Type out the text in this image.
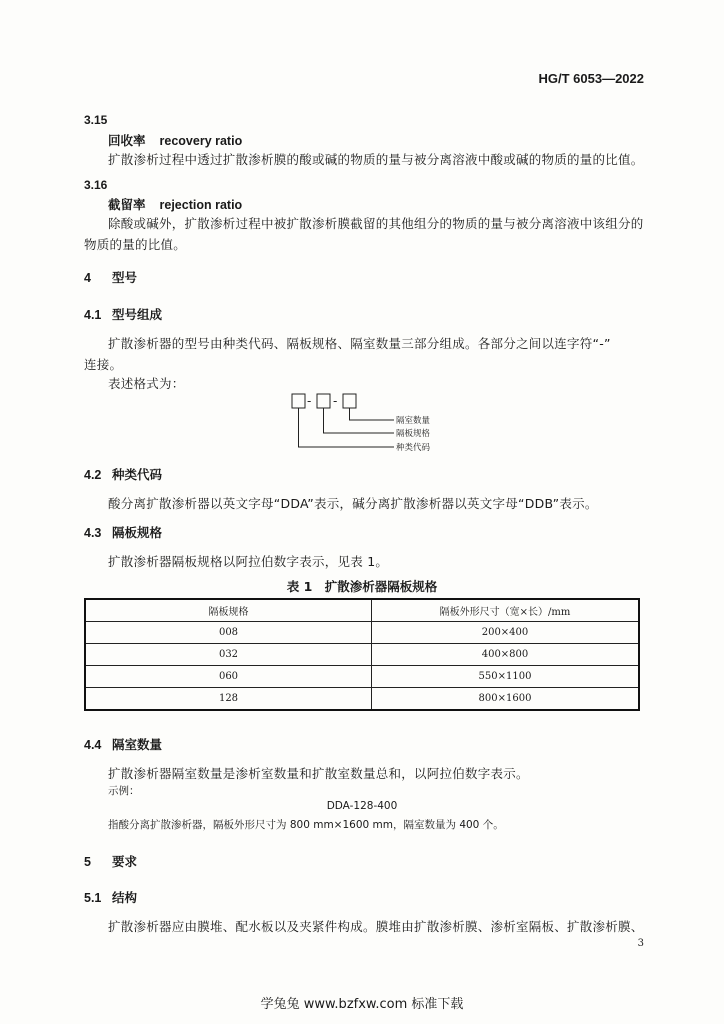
HG/T 6053—2022
3.15
回收率 recovery ratio
扩散渗析过程中透过扩散渗析膜的酸或碱的物质的量与被分离溶液中酸或碱的物质的量的比值。
3.16
截留率 rejection ratio
除酸或碱外，扩散渗析过程中被扩散渗析膜截留的其他组分的物质的量与被分离溶液中该组分的
物质的量的比值。
4 型号
4.1 型号组成
扩散渗析器的型号由种类代码、隔板规格、隔室数量三部分组成。各部分之间以连字符“-”
连接。
表述格式为：
- -
隔室数量
隔板规格
种类代码
4.2 种类代码
酸分离扩散渗析器以英文字母“DDA”表示，碱分离扩散渗析器以英文字母“DDB”表示。
4.3 隔板规格
扩散渗析器隔板规格以阿拉伯数字表示，见表 1。
表 1　扩散渗析器隔板规格
隔板规格	隔板外形尺寸（宽×长）/mm
008	200×400
032	400×800
060	550×1100
128	800×1600
4.4 隔室数量
扩散渗析器隔室数量是渗析室数量和扩散室数量总和，以阿拉伯数字表示。
示例：
DDA-128-400
指酸分离扩散渗析器，隔板外形尺寸为 800 mm×1600 mm，隔室数量为 400 个。
5 要求
5.1 结构
扩散渗析器应由膜堆、配水板以及夹紧件构成。膜堆由扩散渗析膜、渗析室隔板、扩散渗析膜、
3
学兔兔 www.bzfxw.com 标准下载
